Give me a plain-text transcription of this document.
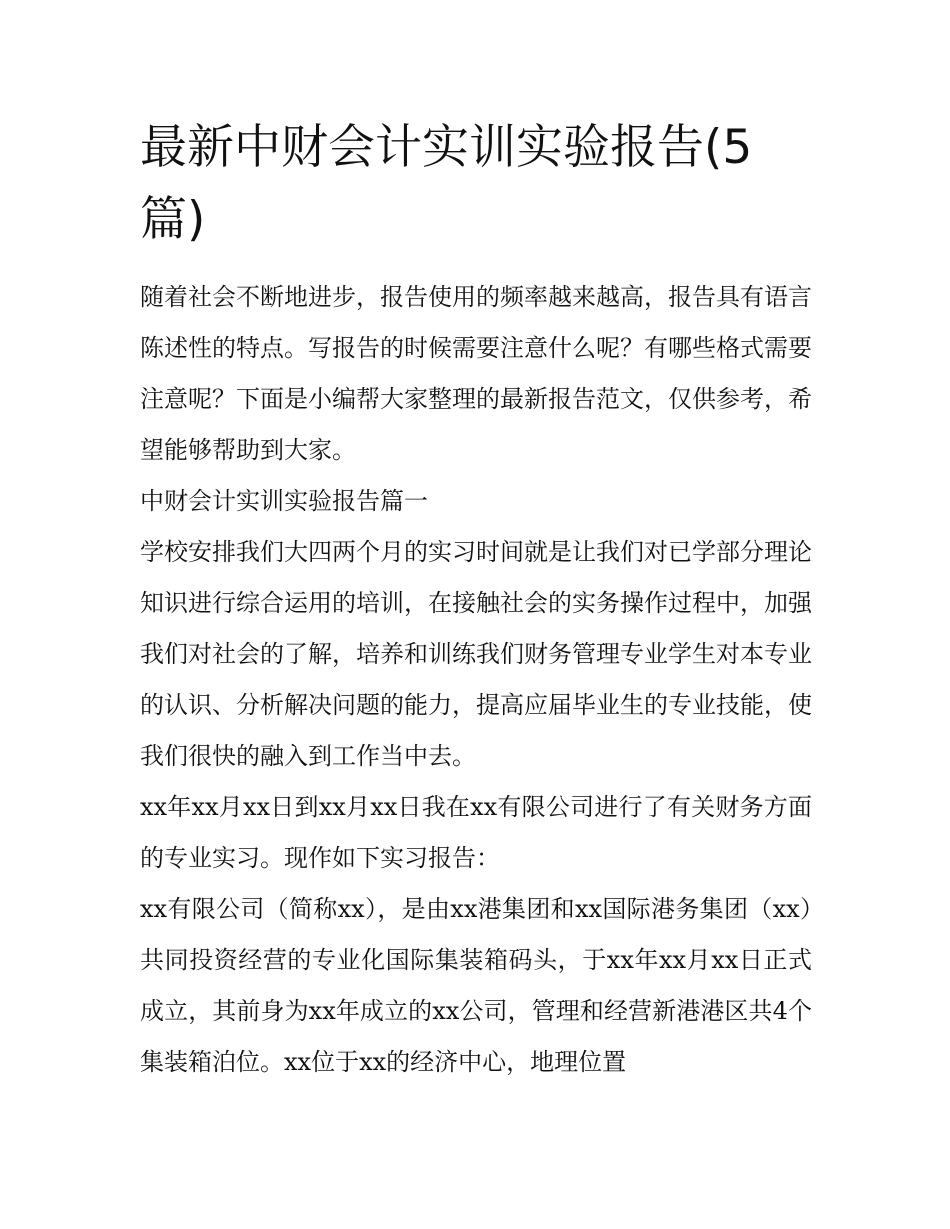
最新中财会计实训实验报告(5篇)

随着社会不断地进步，报告使用的频率越来越高，报告具有语言陈述性的特点。写报告的时候需要注意什么呢？有哪些格式需要注意呢？下面是小编帮大家整理的最新报告范文，仅供参考，希望能够帮助到大家。

中财会计实训实验报告篇一

学校安排我们大四两个月的实习时间就是让我们对已学部分理论知识进行综合运用的培训，在接触社会的实务操作过程中，加强我们对社会的了解，培养和训练我们财务管理专业学生对本专业的认识、分析解决问题的能力，提高应届毕业生的专业技能，使我们很快的融入到工作当中去。

xx年xx月xx日到xx月xx日我在xx有限公司进行了有关财务方面的专业实习。现作如下实习报告：

xx有限公司（简称xx），是由xx港集团和xx国际港务集团（xx）共同投资经营的专业化国际集装箱码头，于xx年xx月xx日正式成立，其前身为xx年成立的xx公司，管理和经营新港港区共4个集装箱泊位。xx位于xx的经济中心，地理位置
